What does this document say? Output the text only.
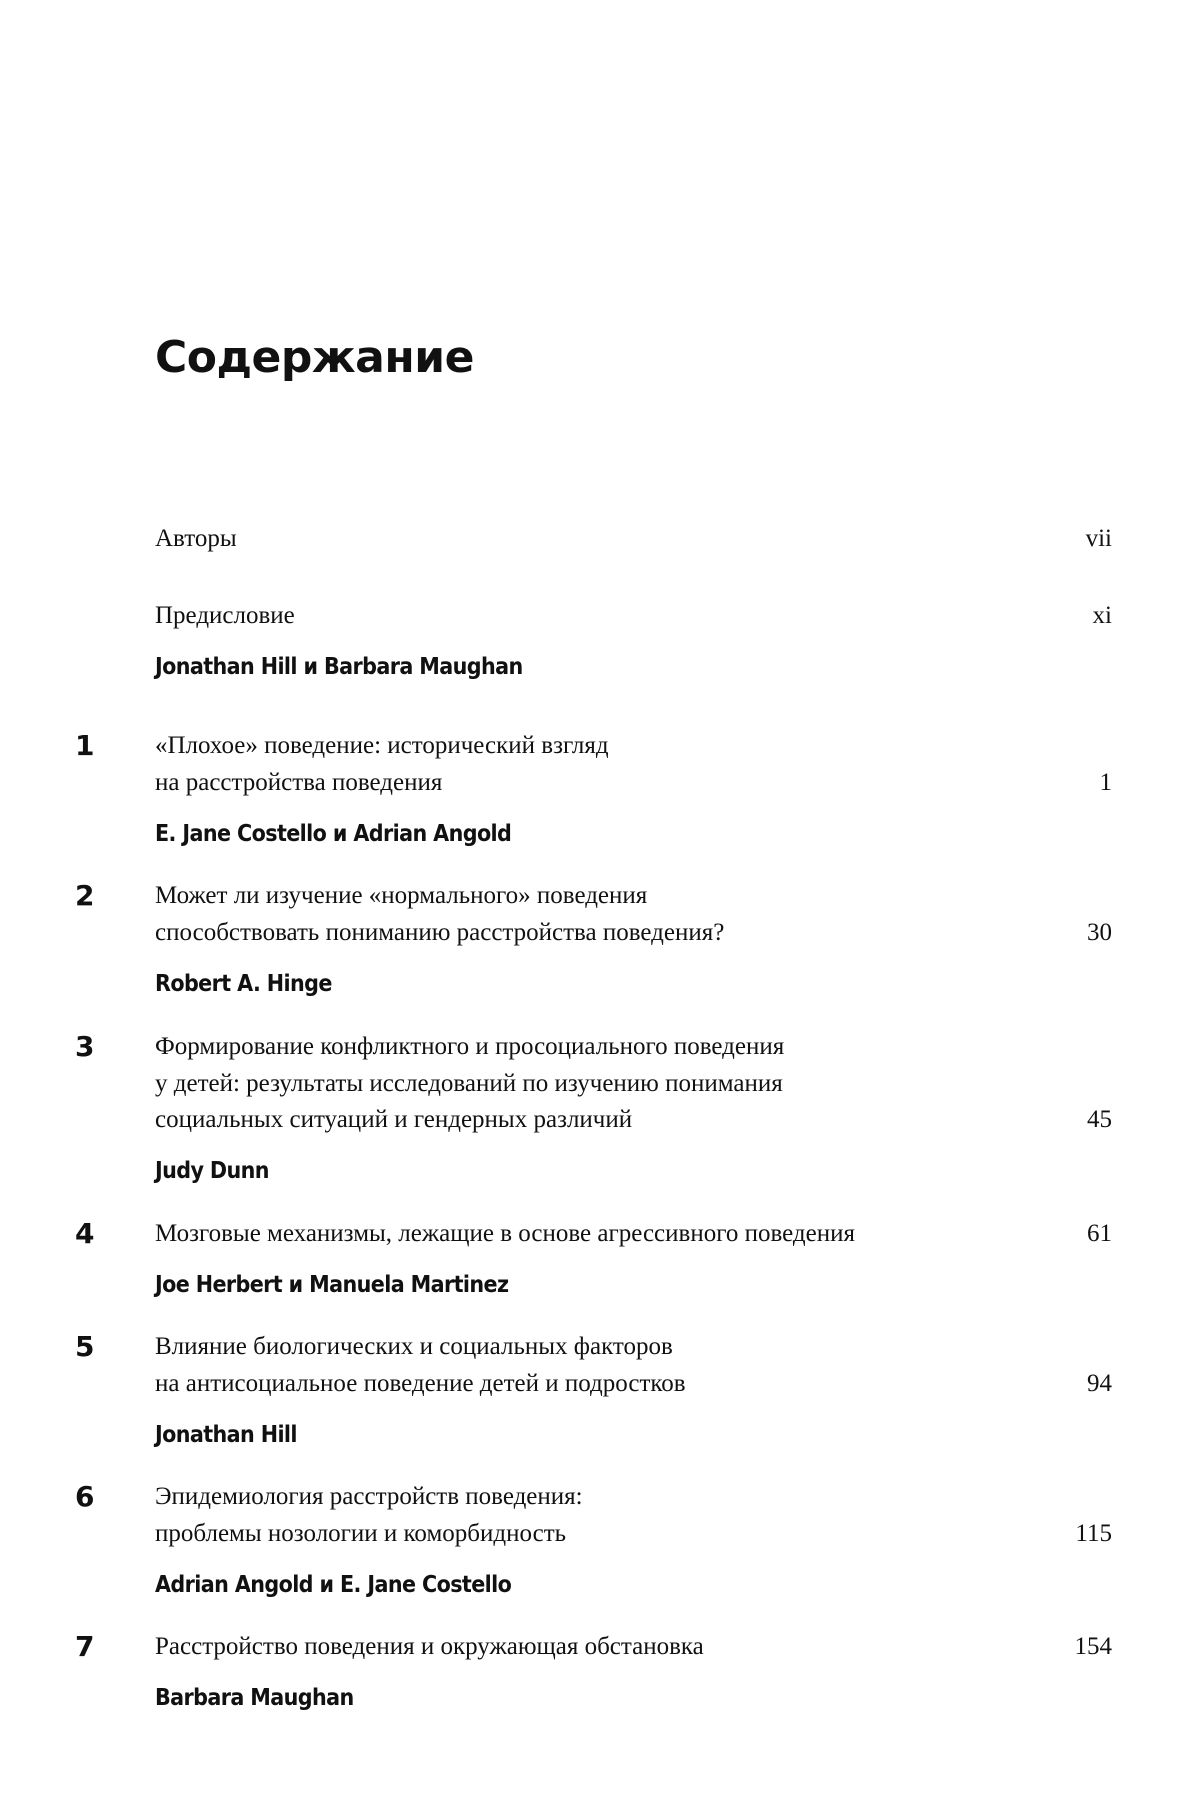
Содержание
Авторы	vii
Предисловие	xi
Jonathan Hill и Barbara Maughan
1 «Плохое» поведение: исторический взгляд
на расстройства поведения	1
E. Jane Costello и Adrian Angold
2 Может ли изучение «нормального» поведения
способствовать пониманию расстройства поведения?	30
Robert A. Hinge
3 Формирование конфликтного и просоциального поведения
у детей: результаты исследований по изучению понимания
социальных ситуаций и гендерных различий	45
Judy Dunn
4 Мозговые механизмы, лежащие в основе агрессивного поведения	61
Joe Herbert и Manuela Martinez
5 Влияние биологических и социальных факторов
на антисоциальное поведение детей и подростков	94
Jonathan Hill
6 Эпидемиология расстройств поведения:
проблемы нозологии и коморбидность	115
Adrian Angold и E. Jane Costello
7 Расстройство поведения и окружающая обстановка	154
Barbara Maughan
